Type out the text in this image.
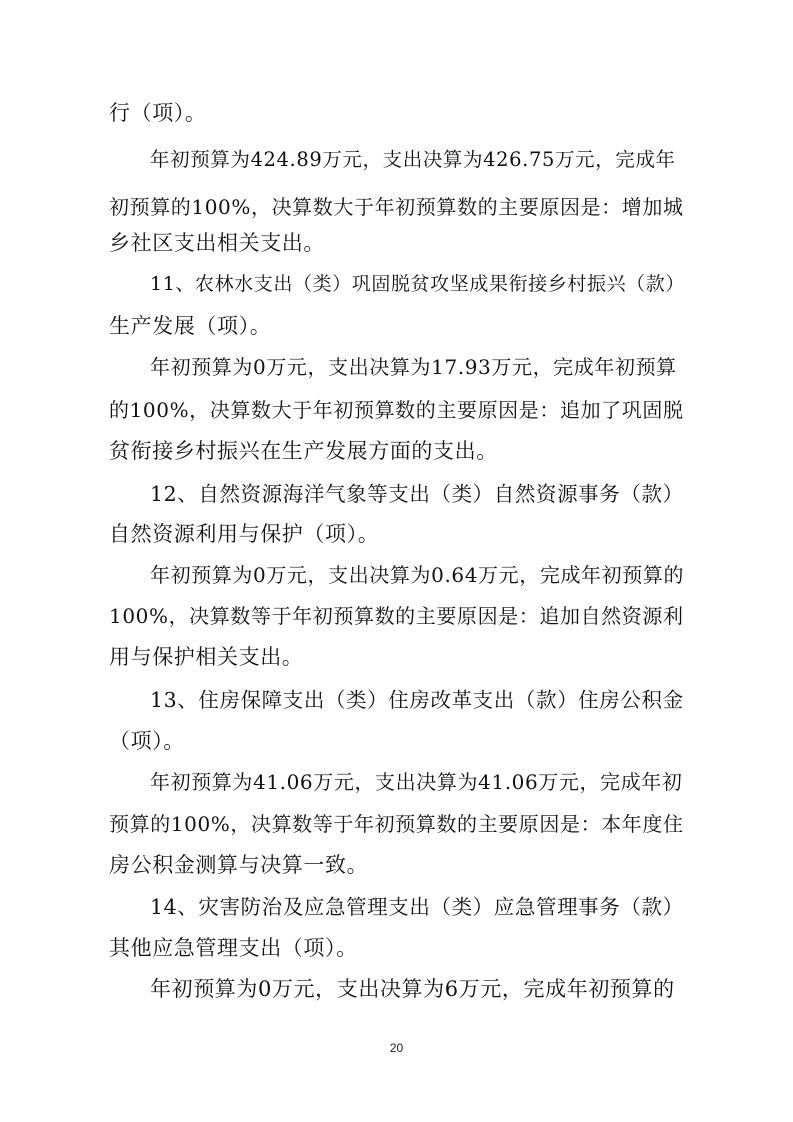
行（项）。
年初预算为424.89万元，支出决算为426.75万元，完成年
初预算的100%，决算数大于年初预算数的主要原因是：增加城
乡社区支出相关支出。
11、农林水支出（类）巩固脱贫攻坚成果衔接乡村振兴（款）
生产发展（项）。
年初预算为0万元，支出决算为17.93万元，完成年初预算
的100%，决算数大于年初预算数的主要原因是：追加了巩固脱
贫衔接乡村振兴在生产发展方面的支出。
12、自然资源海洋气象等支出（类）自然资源事务（款）
自然资源利用与保护（项）。
年初预算为0万元，支出决算为0.64万元，完成年初预算的
100%，决算数等于年初预算数的主要原因是：追加自然资源利
用与保护相关支出。
13、住房保障支出（类）住房改革支出（款）住房公积金
（项）。
年初预算为41.06万元，支出决算为41.06万元，完成年初
预算的100%，决算数等于年初预算数的主要原因是：本年度住
房公积金测算与决算一致。
14、灾害防治及应急管理支出（类）应急管理事务（款）
其他应急管理支出（项）。
年初预算为0万元，支出决算为6万元，完成年初预算的
20
